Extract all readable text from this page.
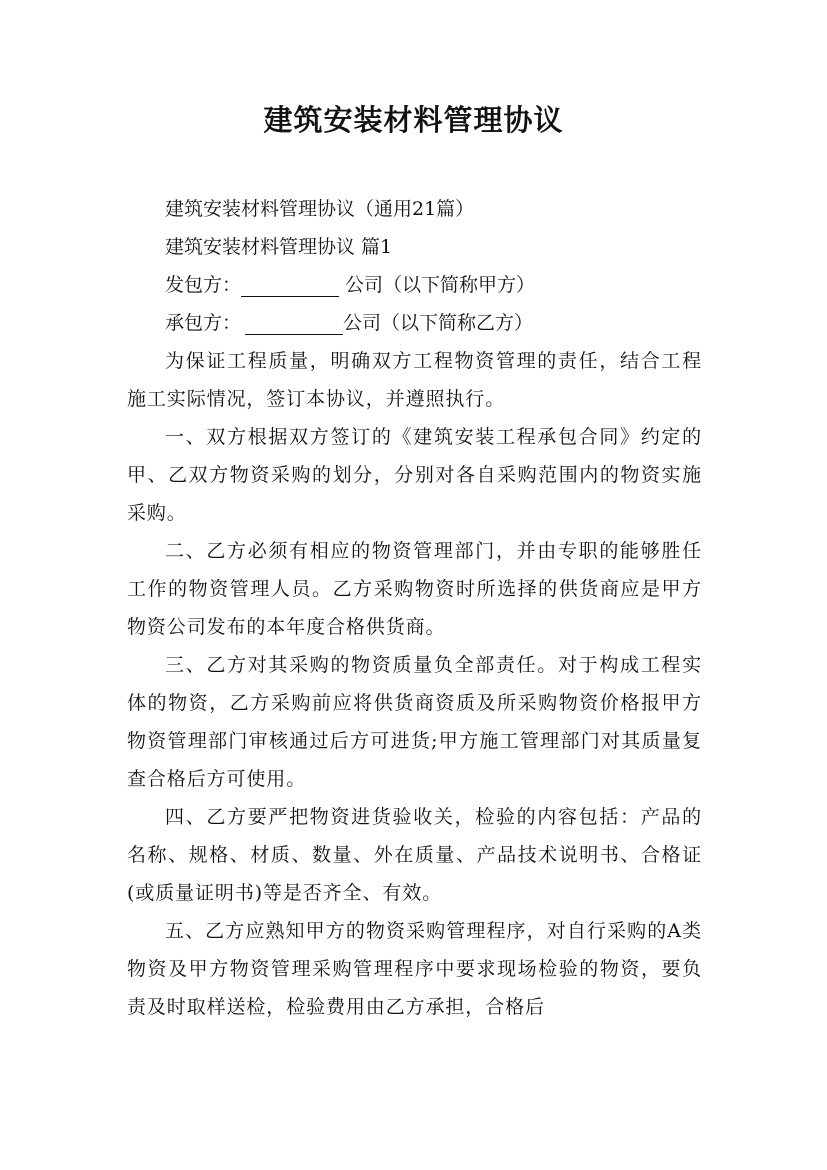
建筑安装材料管理协议

建筑安装材料管理协议（通用21篇）

建筑安装材料管理协议 篇1

发包方：	公司（以下简称甲方）

承包方：	公司（以下简称乙方）

为保证工程质量，明确双方工程物资管理的责任，结合工程施工实际情况，签订本协议，并遵照执行。

一、双方根据双方签订的《建筑安装工程承包合同》约定的甲、乙双方物资采购的划分，分别对各自采购范围内的物资实施采购。

二、乙方必须有相应的物资管理部门，并由专职的能够胜任工作的物资管理人员。乙方采购物资时所选择的供货商应是甲方物资公司发布的本年度合格供货商。

三、乙方对其采购的物资质量负全部责任。对于构成工程实体的物资，乙方采购前应将供货商资质及所采购物资价格报甲方物资管理部门审核通过后方可进货;甲方施工管理部门对其质量复查合格后方可使用。

四、乙方要严把物资进货验收关，检验的内容包括：产品的名称、规格、材质、数量、外在质量、产品技术说明书、合格证(或质量证明书)等是否齐全、有效。

五、乙方应熟知甲方的物资采购管理程序，对自行采购的A类物资及甲方物资管理采购管理程序中要求现场检验的物资，要负责及时取样送检，检验费用由乙方承担，合格后
